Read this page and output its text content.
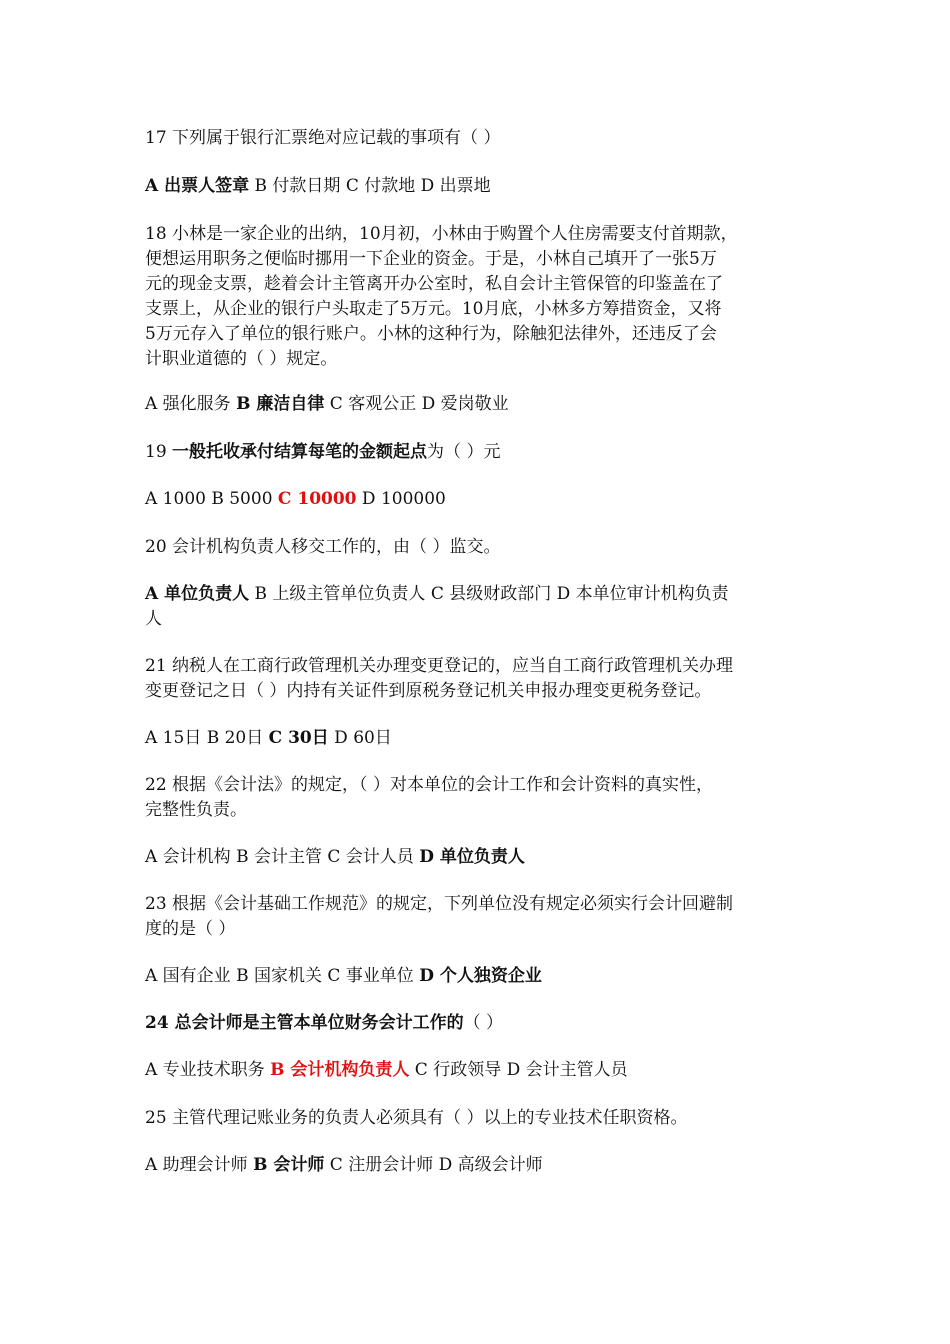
17 下列属于银行汇票绝对应记载的事项有（ ）
A 出票人签章 B 付款日期 C 付款地 D 出票地
18 小林是一家企业的出纳，10月初，小林由于购置个人住房需要支付首期款，
便想运用职务之便临时挪用一下企业的资金。于是，小林自己填开了一张5万
元的现金支票，趁着会计主管离开办公室时，私自会计主管保管的印鉴盖在了
支票上，从企业的银行户头取走了5万元。10月底，小林多方筹措资金，又将
5万元存入了单位的银行账户。小林的这种行为，除触犯法律外，还违反了会
计职业道德的（ ）规定。
A 强化服务 B 廉洁自律 C 客观公正 D 爱岗敬业
19 一般托收承付结算每笔的金额起点为（ ）元
A 1000 B 5000 C 10000 D 100000
20 会计机构负责人移交工作的，由（ ）监交。
A 单位负责人 B 上级主管单位负责人 C 县级财政部门 D 本单位审计机构负责
人
21 纳税人在工商行政管理机关办理变更登记的，应当自工商行政管理机关办理
变更登记之日（ ）内持有关证件到原税务登记机关申报办理变更税务登记。
A 15日 B 20日 C 30日 D 60日
22 根据《会计法》的规定，（ ）对本单位的会计工作和会计资料的真实性，
完整性负责。
A 会计机构 B 会计主管 C 会计人员 D 单位负责人
23 根据《会计基础工作规范》的规定，下列单位没有规定必须实行会计回避制
度的是（ ）
A 国有企业 B 国家机关 C 事业单位 D 个人独资企业
24 总会计师是主管本单位财务会计工作的（ ）
A 专业技术职务 B 会计机构负责人 C 行政领导 D 会计主管人员
25 主管代理记账业务的负责人必须具有（ ）以上的专业技术任职资格。
A 助理会计师 B 会计师 C 注册会计师 D 高级会计师
